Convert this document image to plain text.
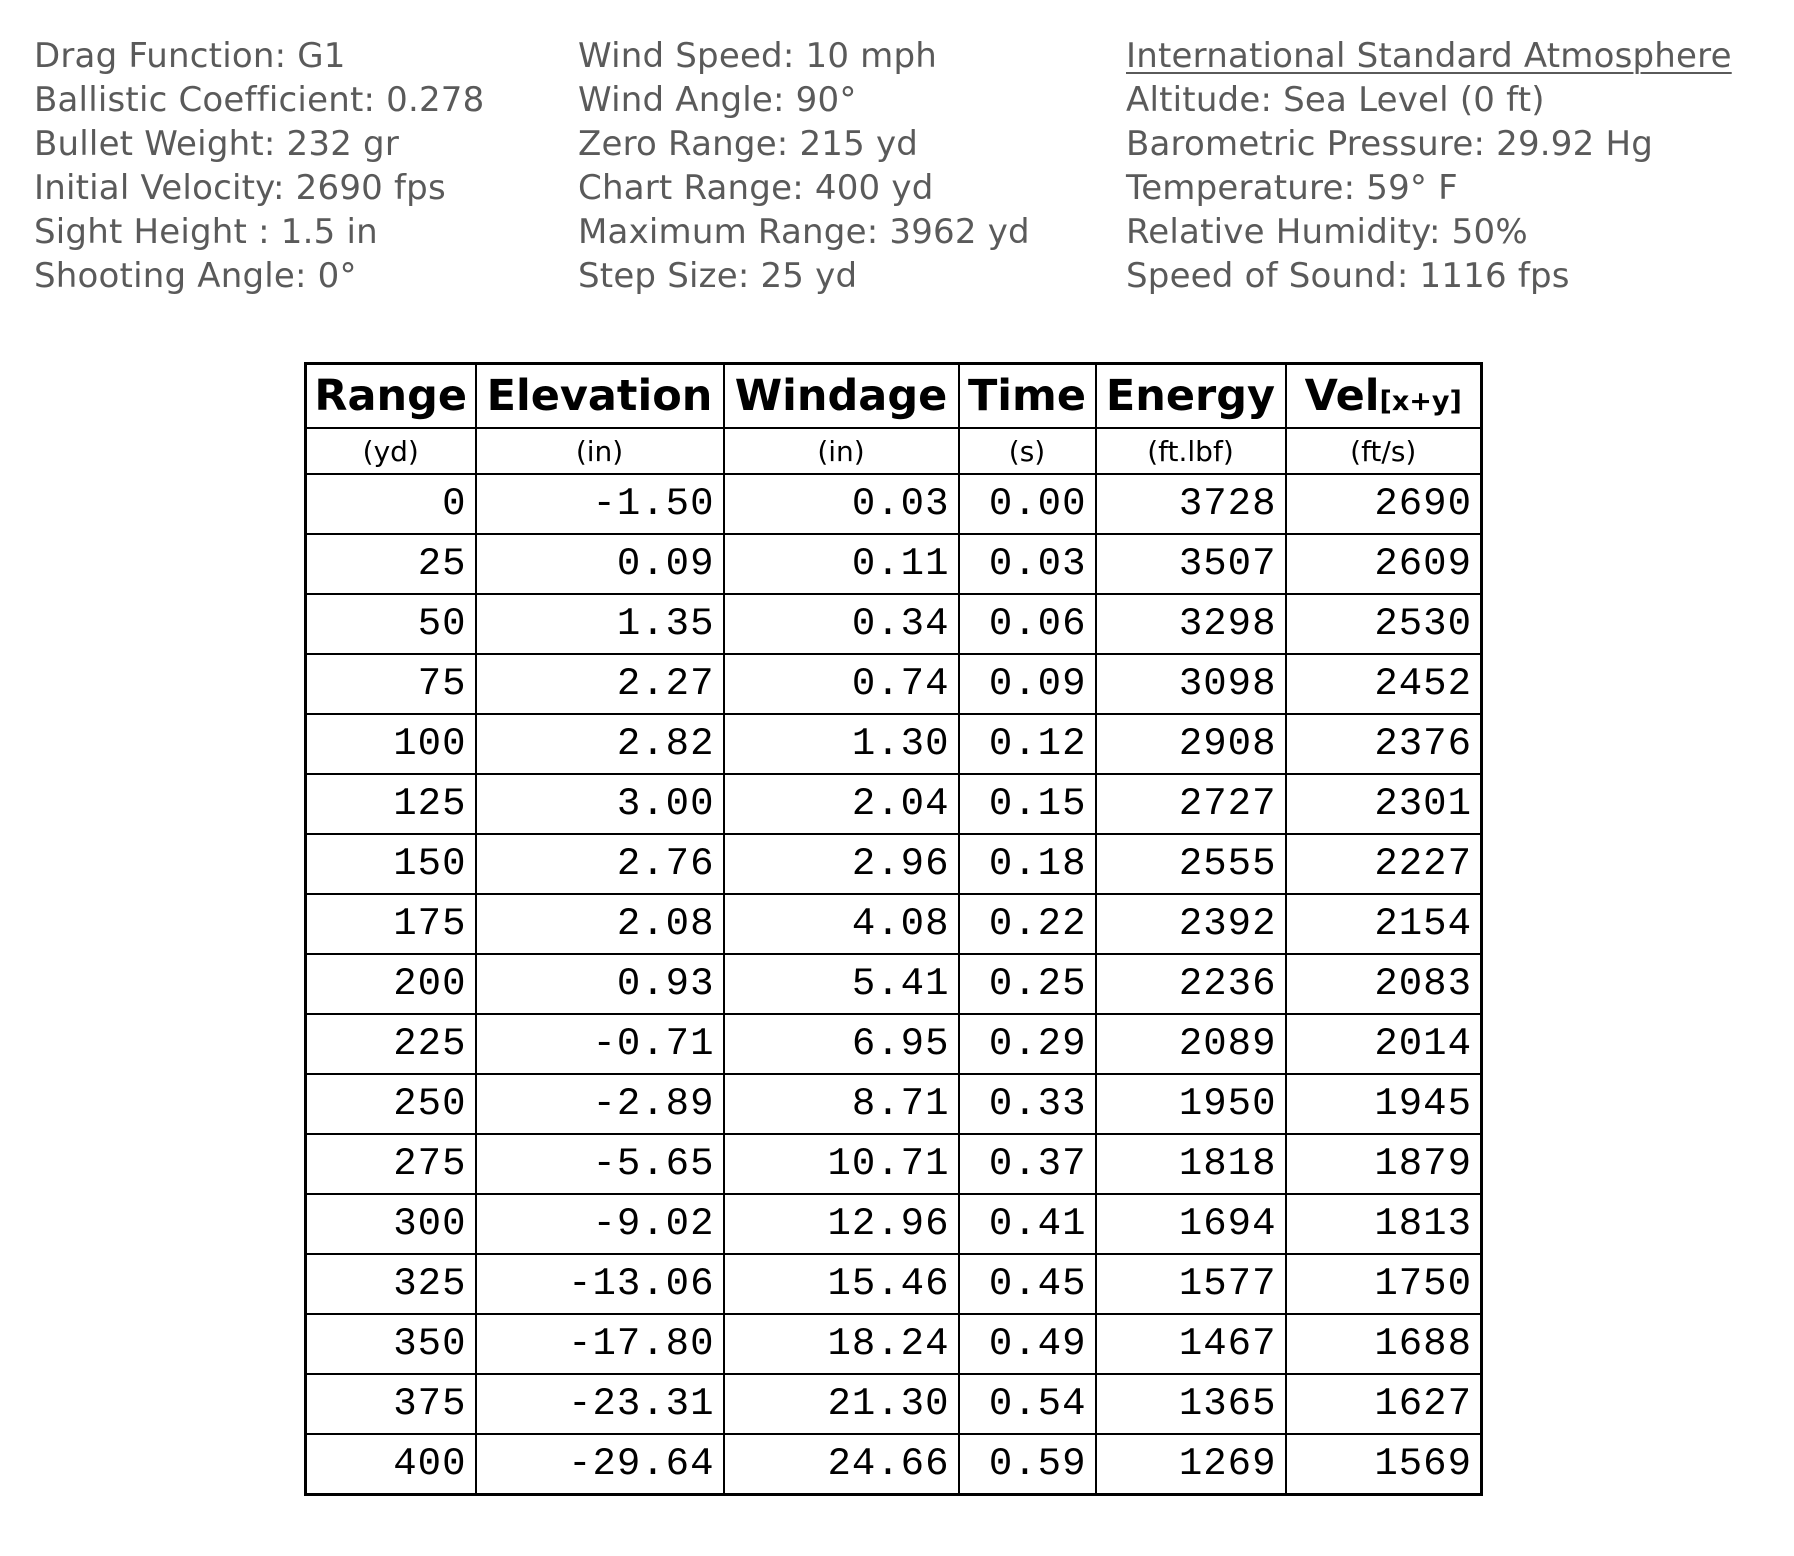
Drag Function: G1
Ballistic Coefficient: 0.278
Bullet Weight: 232 gr
Initial Velocity: 2690 fps
Sight Height : 1.5 in
Shooting Angle: 0°
Wind Speed: 10 mph
Wind Angle: 90°
Zero Range: 215 yd
Chart Range: 400 yd
Maximum Range: 3962 yd
Step Size: 25 yd
International Standard Atmosphere
Altitude: Sea Level (0 ft)
Barometric Pressure: 29.92 Hg
Temperature: 59° F
Relative Humidity: 50%
Speed of Sound: 1116 fps
Range	Elevation	Windage	Time	Energy	Vel[x+y]
(yd)	(in)	(in)	(s)	(ft.lbf)	(ft/s)
0	-1.50	0.03	0.00	3728	2690
25	0.09	0.11	0.03	3507	2609
50	1.35	0.34	0.06	3298	2530
75	2.27	0.74	0.09	3098	2452
100	2.82	1.30	0.12	2908	2376
125	3.00	2.04	0.15	2727	2301
150	2.76	2.96	0.18	2555	2227
175	2.08	4.08	0.22	2392	2154
200	0.93	5.41	0.25	2236	2083
225	-0.71	6.95	0.29	2089	2014
250	-2.89	8.71	0.33	1950	1945
275	-5.65	10.71	0.37	1818	1879
300	-9.02	12.96	0.41	1694	1813
325	-13.06	15.46	0.45	1577	1750
350	-17.80	18.24	0.49	1467	1688
375	-23.31	21.30	0.54	1365	1627
400	-29.64	24.66	0.59	1269	1569
